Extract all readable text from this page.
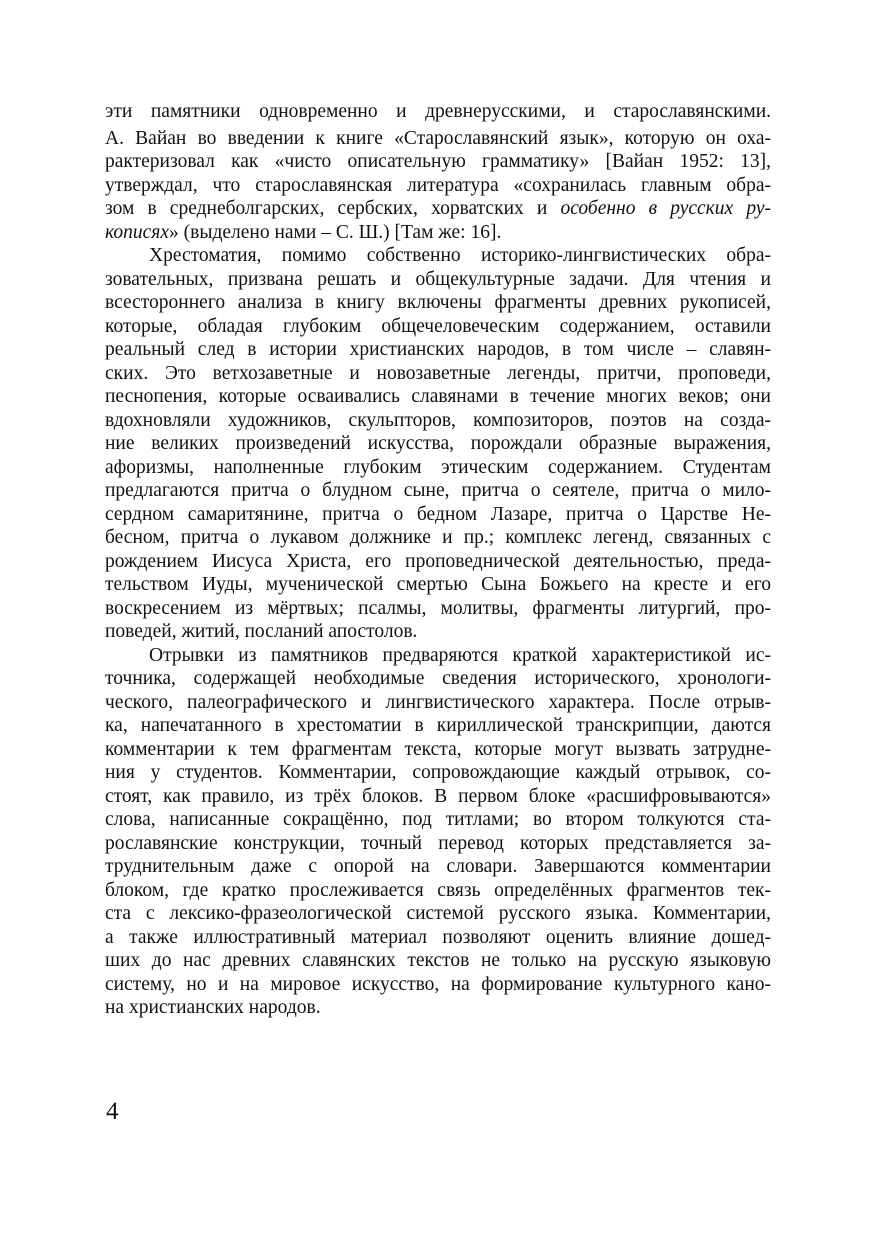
эти памятники одновременно и древнерусскими, и старославянскими.
А. Вайан во введении к книге «Старославянский язык», которую он оха-
рактеризовал как «чисто описательную грамматику» [Вайан 1952: 13],
утверждал, что старославянская литература «сохранилась главным обра-
зом в среднеболгарских, сербских, хорватских и особенно в русских ру-
кописях» (выделено нами – С. Ш.) [Там же: 16].
Хрестоматия, помимо собственно историко-лингвистических обра-
зовательных, призвана решать и общекультурные задачи. Для чтения и
всестороннего анализа в книгу включены фрагменты древних рукописей,
которые, обладая глубоким общечеловеческим содержанием, оставили
реальный след в истории христианских народов, в том числе – славян-
ских. Это ветхозаветные и новозаветные легенды, притчи, проповеди,
песнопения, которые осваивались славянами в течение многих веков; они
вдохновляли художников, скульпторов, композиторов, поэтов на созда-
ние великих произведений искусства, порождали образные выражения,
афоризмы, наполненные глубоким этическим содержанием. Студентам
предлагаются притча о блудном сыне, притча о сеятеле, притча о мило-
сердном самаритянине, притча о бедном Лазаре, притча о Царстве Не-
бесном, притча о лукавом должнике и пр.; комплекс легенд, связанных с
рождением Иисуса Христа, его проповеднической деятельностью, преда-
тельством Иуды, мученической смертью Сына Божьего на кресте и его
воскресением из мёртвых; псалмы, молитвы, фрагменты литургий, про-
поведей, житий, посланий апостолов.
Отрывки из памятников предваряются краткой характеристикой ис-
точника, содержащей необходимые сведения исторического, хронологи-
ческого, палеографического и лингвистического характера. После отрыв-
ка, напечатанного в хрестоматии в кириллической транскрипции, даются
комментарии к тем фрагментам текста, которые могут вызвать затрудне-
ния у студентов. Комментарии, сопровождающие каждый отрывок, со-
стоят, как правило, из трёх блоков. В первом блоке «расшифровываются»
слова, написанные сокращённо, под титлами; во втором толкуются ста-
рославянские конструкции, точный перевод которых представляется за-
труднительным даже с опорой на словари. Завершаются комментарии
блоком, где кратко прослеживается связь определённых фрагментов тек-
ста с лексико-фразеологической системой русского языка. Комментарии,
а также иллюстративный материал позволяют оценить влияние дошед-
ших до нас древних славянских текстов не только на русскую языковую
систему, но и на мировое искусство, на формирование культурного кано-
на христианских народов.
4
